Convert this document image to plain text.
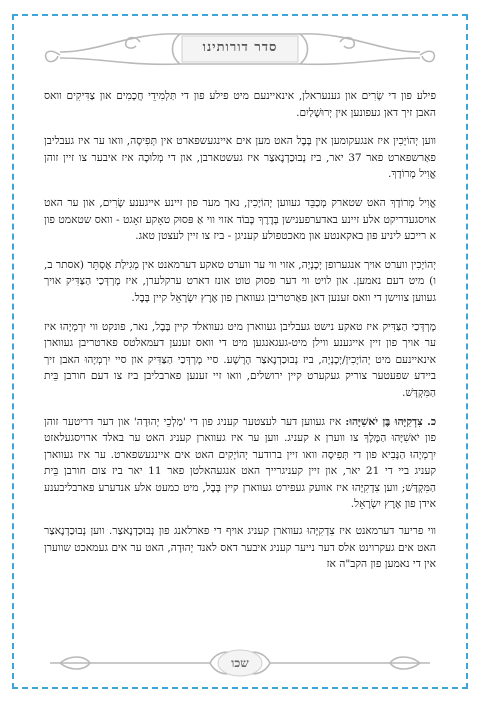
סדר דורותינו

פילע פון די שָׂרִים און גענעראלן, אינאיינעם מיט פילע פון די תַּלְמִידֵי חֲכָמִים און צַדִּיקִים וואס האבן זיך דאן געפונען אין יְרוּשָׁלַיִם.

ווען יְהוֹיָכִין איז אנגעקומען אין בָּבֶל האט מען אים איינגעשפארט אין תְּפִיסָה, וואו ער איז געבליבן פאַרשפארט פאר 37 יאר, ביז נְבוּכַדְנֶאצַר איז געשטארבן, און די מְלוּכָה איז איבער צו זיין זוהן אֱוִיל מְרוֹדָךְ.

אֱוִיל מְרוֹדָךְ האט שטארק מְכַבֵּד געווען יְהוֹיָכִין, נאך מער פון זיינע אייגענע שָׂרִים, און ער האט אויסגעדריקט אלע זיינע באדערפענישן בְּדֶרֶךְ כָּבוֹד אזוי ווי אַ פּסוּק טאָקע זאָגט - וואס שטאמט פון א רייכע ליניע פון באקאנטע און מאכטפולע קעניגן - ביז צו זיין לעצטן טאג.

יְהוֹיָכִין ווערט אויך אנגערופן יְכָנְיָה, אזוי ווי ער ווערט טאקע דערמאנט אין מְגִילַת אֶסְתֵּר (אסתר ב, ו) מיט דעם נאמען. און לויט ווי דער פסוק טוט אונז דארט ערקלערן, איז מָרְדְּכַי הַצַּדִּיק אויך געווען צווישן די וואס זענען דאן פאַרטריבן געווארן פון אֶרֶץ יִשְׂרָאֵל קיין בָּבֶל.

מָרְדְּכַי הַצַּדִּיק איז טאקע נישט געבליבן געווארן מיט געוואלד קיין בָּבֶל, נאר, פונקט ווי יִרְמְיָהוּ איז ער אויך פון זיין אייגענע ווילן מיט-געגאנגען מיט די וואס זענען דעמאלטס פארטריבן געווארן אינאיינעם מיט יְהוֹיָכִין/יְכָנְיָה, ביז נְבוּכַדְנֶאצַר הָרָשָׁע. סיי מָרְדְּכַי הַצַּדִּיק און סיי יִרְמְיָהוּ האבן זיך ביידע שפעטער צוריק געקערט קיין ירושלים, וואו זיי זענען פארבליבן ביז צו דעם חורבן בֵּית הַמִּקְדָּשׁ.

כ. צִדְקִיָּהוּ בֶּן יֹאשִׁיָּהוּ: איז געווען דער לעצטער קעניג פון די 'מַלְכֵי יְהוּדָה' און דער דריטער זוהן פון יֹאשִׁיָּהוּ הַמֶּלֶךְ צו ווערן א קעניג. ווען ער איז געווארן קעניג האט ער באלד ארויסגעלאזט יִרְמְיָהוּ הַנָּבִיא פון די תְּפִיסָה וואו זיין ברודער יְהוֹיָקִים האט אים איינגעשפארט. ער איז געווארן קעניג ביי די 21 יאר, און זיין קעניגרייך האט אנגעהאלטן פאר 11 יאר ביז צום חורבן בֵּית הַמִּקְדָּשׁ; ווען צִדְקִיָּהוּ איז אוועק געפירט געווארן קיין בָּבֶל, מיט כמעט אלע אנדערע פארבליבענע אידן פון אֶרֶץ יִשְׂרָאֵל.

ווי פריער דערמאנט איז צִדְקִיָּהוּ געווארן קעניג אויף די פארלאנג פון נְבוּכַדְנֶאצַר. ווען נְבוּכַדְנֶאצַר האט אים געקרוינט אלס דער נייער קעניג איבער דאס לאנד יְהוּדָה, האט ער אים געמאכט שווערן אין די נאמען פון הקב"ה אז

שכו
